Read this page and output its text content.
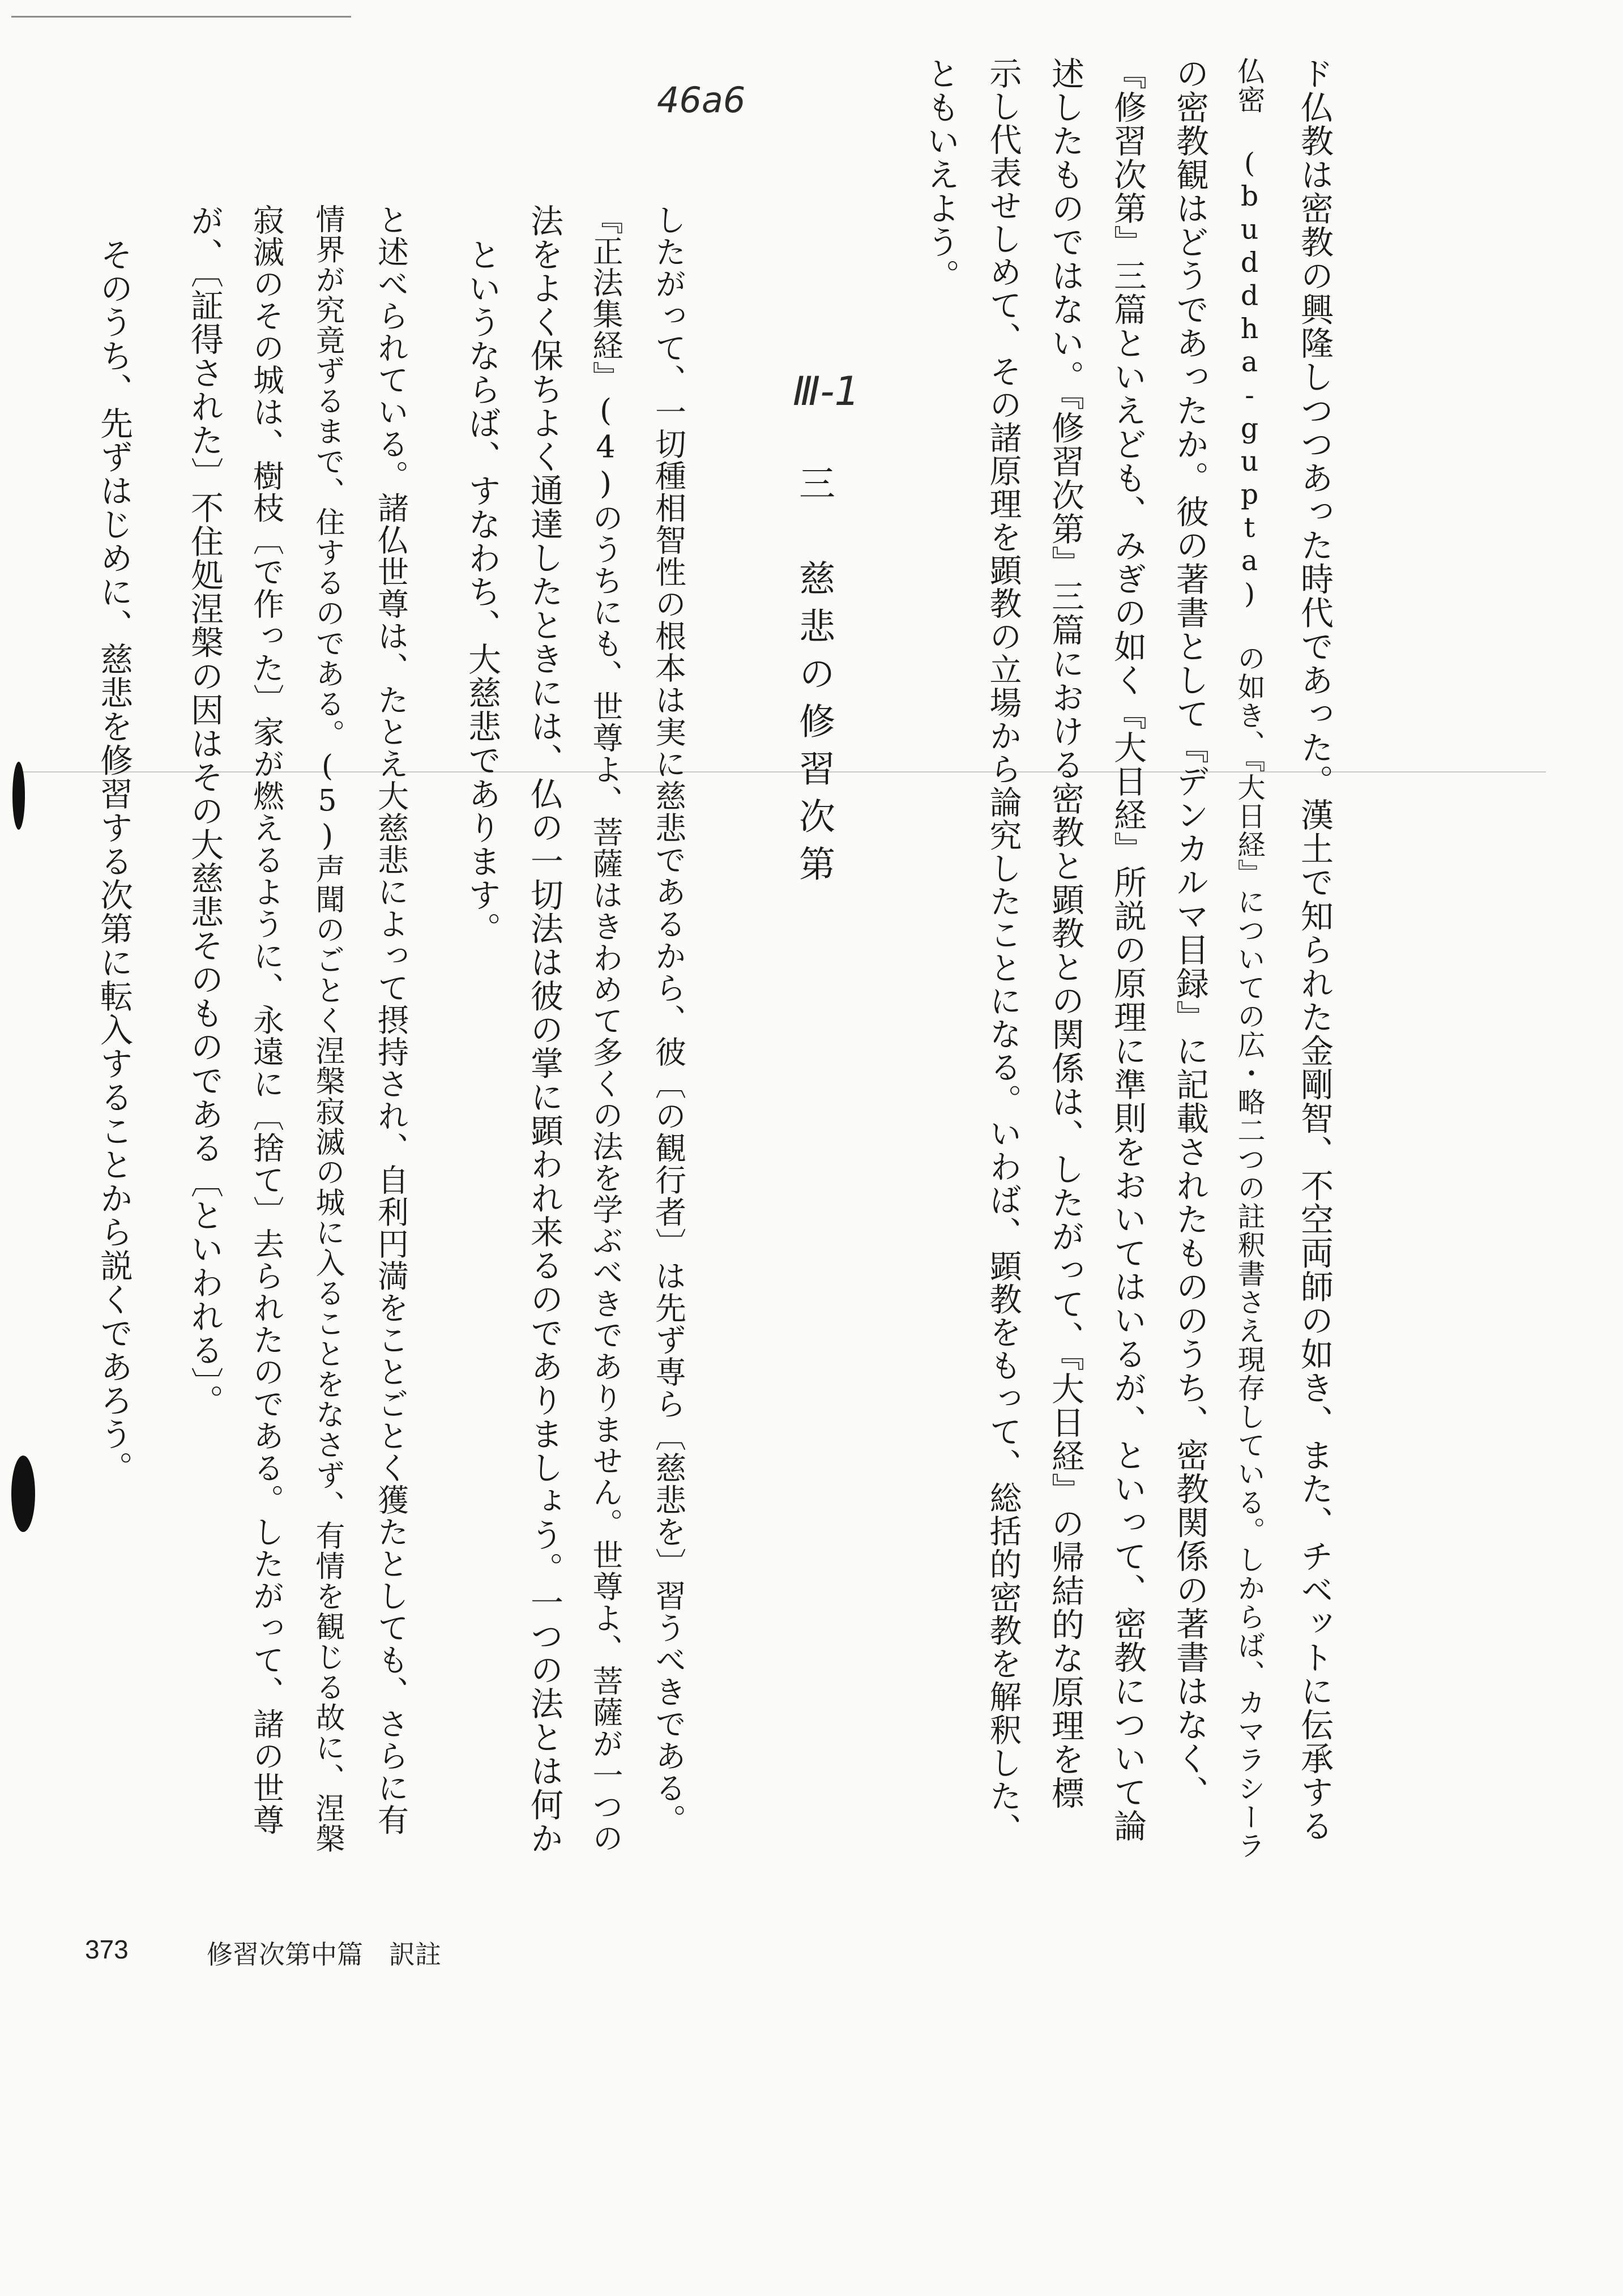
46a6
Ⅲ-1	ド仏教は密教の興隆しつつあった時代であった。漢土で知られた金剛智、不空両師の如き、また、チベットに伝承する
仏密 (buddha-gupta) の如き、『大日経』についての広・略二つの註釈書さえ現存している。しからば、カマラシーラ
の密教観はどうであったか。彼の著書として『デンカルマ目録』に記載されたもののうち、密教関係の著書はなく、
『修習次第』三篇といえども、みぎの如く『大日経』所説の原理に準則をおいてはいるが、といって、密教について論
述したものではない。『修習次第』三篇における密教と顕教との関係は、したがって、『大日経』の帰結的な原理を標
示し代表せしめて、その諸原理を顕教の立場から論究したことになる。いわば、顕教をもって、総括的密教を解釈した、
ともいえよう。
三　慈悲の修習次第
したがって、一切種相智性の根本は実に慈悲であるから、彼〔の観行者〕は先ず専ら〔慈悲を〕習うべきである。
『正法集経』(4)のうちにも、世尊よ、菩薩はきわめて多くの法を学ぶべきでありません。世尊よ、菩薩が一つの
法をよく保ちよく通達したときには、仏の一切法は彼の掌に顕われ来るのでありましょう。一つの法とは何か
というならば、すなわち、大慈悲であります。
と述べられている。諸仏世尊は、たとえ大慈悲によって摂持され、自利円満をことごとく獲たとしても、さらに有
情界が究竟ずるまで、住するのである。(5)声聞のごとく涅槃寂滅の城に入ることをなさず、有情を観じる故に、涅槃
寂滅のその城は、樹枝〔で作った〕家が燃えるように、永遠に〔捨て〕去られたのである。したがって、諸の世尊
が、〔証得された〕不住処涅槃の因はその大慈悲そのものである〔といわれる〕。
そのうち、先ずはじめに、慈悲を修習する次第に転入することから説くであろう。
373	修習次第中篇　訳註
